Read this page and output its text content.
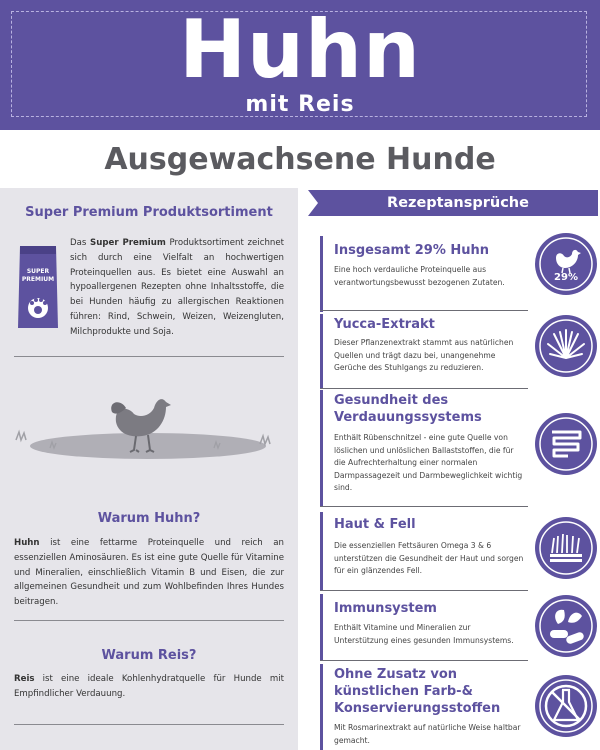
Huhn
mit Reis
Ausgewachsene Hunde
Super Premium Produktsortiment
SUPER
PREMIUM

Das Super Premium Produktsortiment zeichnet sich durch eine Vielfalt an hochwertigen Proteinquellen aus. Es bietet eine Auswahl an hypoallergenen Rezepten ohne Inhaltsstoffe, die bei Hunden häufig zu allergischen Reaktionen führen: Rind, Schwein, Weizen, Weizengluten, Milchprodukte und Soja.

Warum Huhn?

Huhn ist eine fettarme Proteinquelle und reich an essenziellen Aminosäuren. Es ist eine gute Quelle für Vitamine und Mineralien, einschließlich Vitamin B und Eisen, die zur allgemeinen Gesundheit und zum Wohlbefinden Ihres Hundes beitragen.

Warum Reis?

Reis ist eine ideale Kohlenhydratquelle für Hunde mit Empfindlicher Verdauung.

Rezeptansprüche
Insgesamt 29% Huhn
Eine hoch verdauliche Proteinquelle aus verantwortungsbewusst bezogenen Zutaten.	29%
Yucca-Extrakt
Dieser Pflanzenextrakt stammt aus natürlichen Quellen und trägt dazu bei, unangenehme Gerüche des Stuhlgangs zu reduzieren.
Gesundheit des Verdauungssystems
Enthält Rübenschnitzel - eine gute Quelle von löslichen und unlöslichen Ballaststoffen, die für die Aufrechterhaltung einer normalen Darmpassagezeit und Darmbeweglichkeit wichtig sind.
Haut & Fell
Die essenziellen Fettsäuren Omega 3 & 6 unterstützen die Gesundheit der Haut und sorgen für ein glänzendes Fell.
Immunsystem
Enthält Vitamine und Mineralien zur Unterstützung eines gesunden Immunsystems.
Ohne Zusatz von künstlichen Farb-& Konservierungsstoffen
Mit Rosmarinextrakt auf natürliche Weise haltbar gemacht.
